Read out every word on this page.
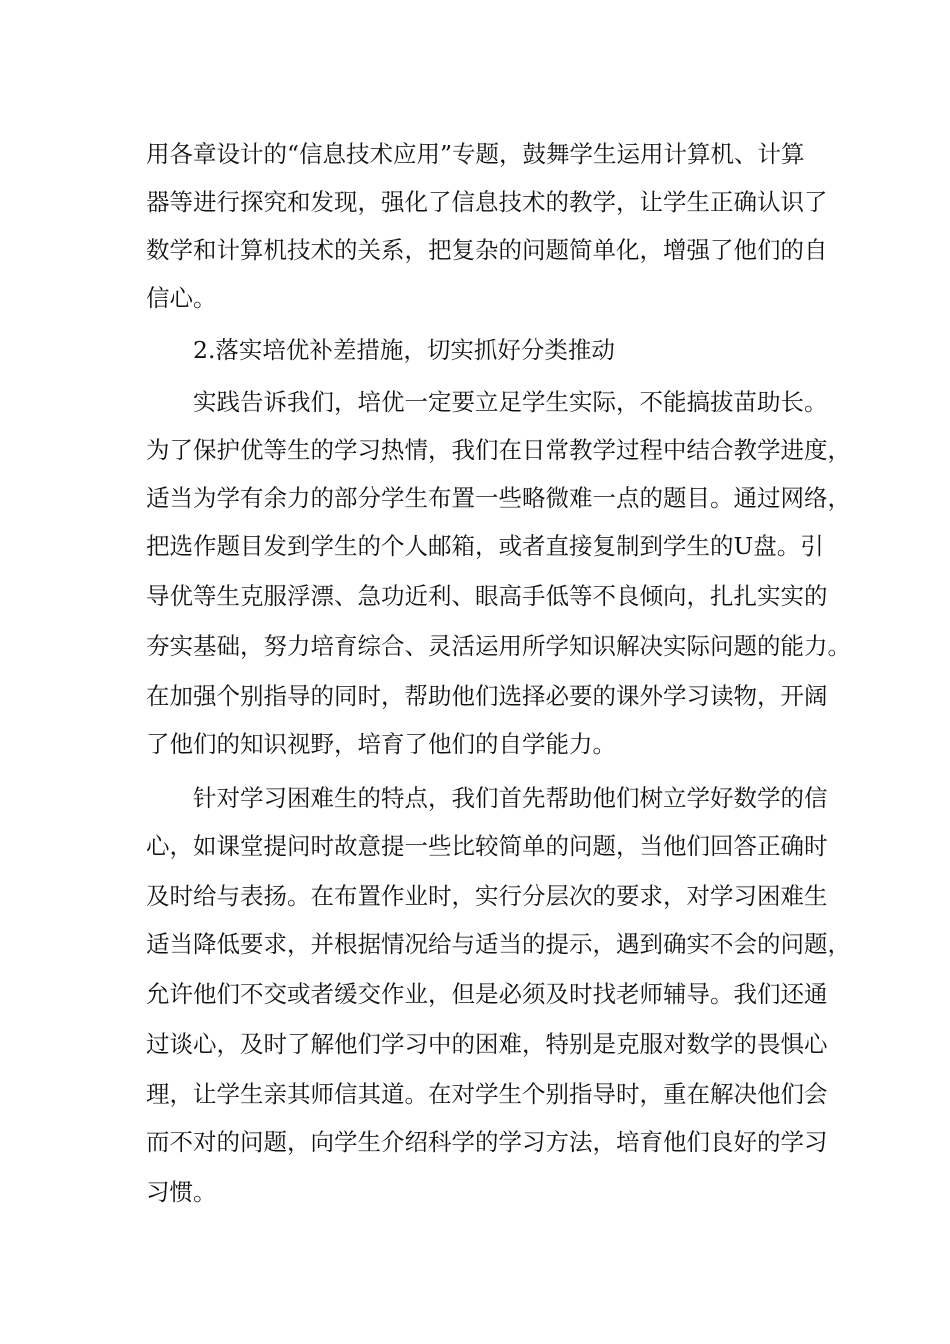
用各章设计的“信息技术应用”专题，鼓舞学生运用计算机、计算
器等进行探究和发现，强化了信息技术的教学，让学生正确认识了
数学和计算机技术的关系，把复杂的问题简单化，增强了他们的自
信心。
2.落实培优补差措施，切实抓好分类推动
实践告诉我们，培优一定要立足学生实际，不能搞拔苗助长。
为了保护优等生的学习热情，我们在日常教学过程中结合教学进度，
适当为学有余力的部分学生布置一些略微难一点的题目。通过网络，
把选作题目发到学生的个人邮箱，或者直接复制到学生的U盘。引
导优等生克服浮漂、急功近利、眼高手低等不良倾向，扎扎实实的
夯实基础，努力培育综合、灵活运用所学知识解决实际问题的能力。
在加强个别指导的同时，帮助他们选择必要的课外学习读物，开阔
了他们的知识视野，培育了他们的自学能力。
针对学习困难生的特点，我们首先帮助他们树立学好数学的信
心，如课堂提问时故意提一些比较简单的问题，当他们回答正确时
及时给与表扬。在布置作业时，实行分层次的要求，对学习困难生
适当降低要求，并根据情况给与适当的提示，遇到确实不会的问题，
允许他们不交或者缓交作业，但是必须及时找老师辅导。我们还通
过谈心，及时了解他们学习中的困难，特别是克服对数学的畏惧心
理，让学生亲其师信其道。在对学生个别指导时，重在解决他们会
而不对的问题，向学生介绍科学的学习方法，培育他们良好的学习
习惯。
